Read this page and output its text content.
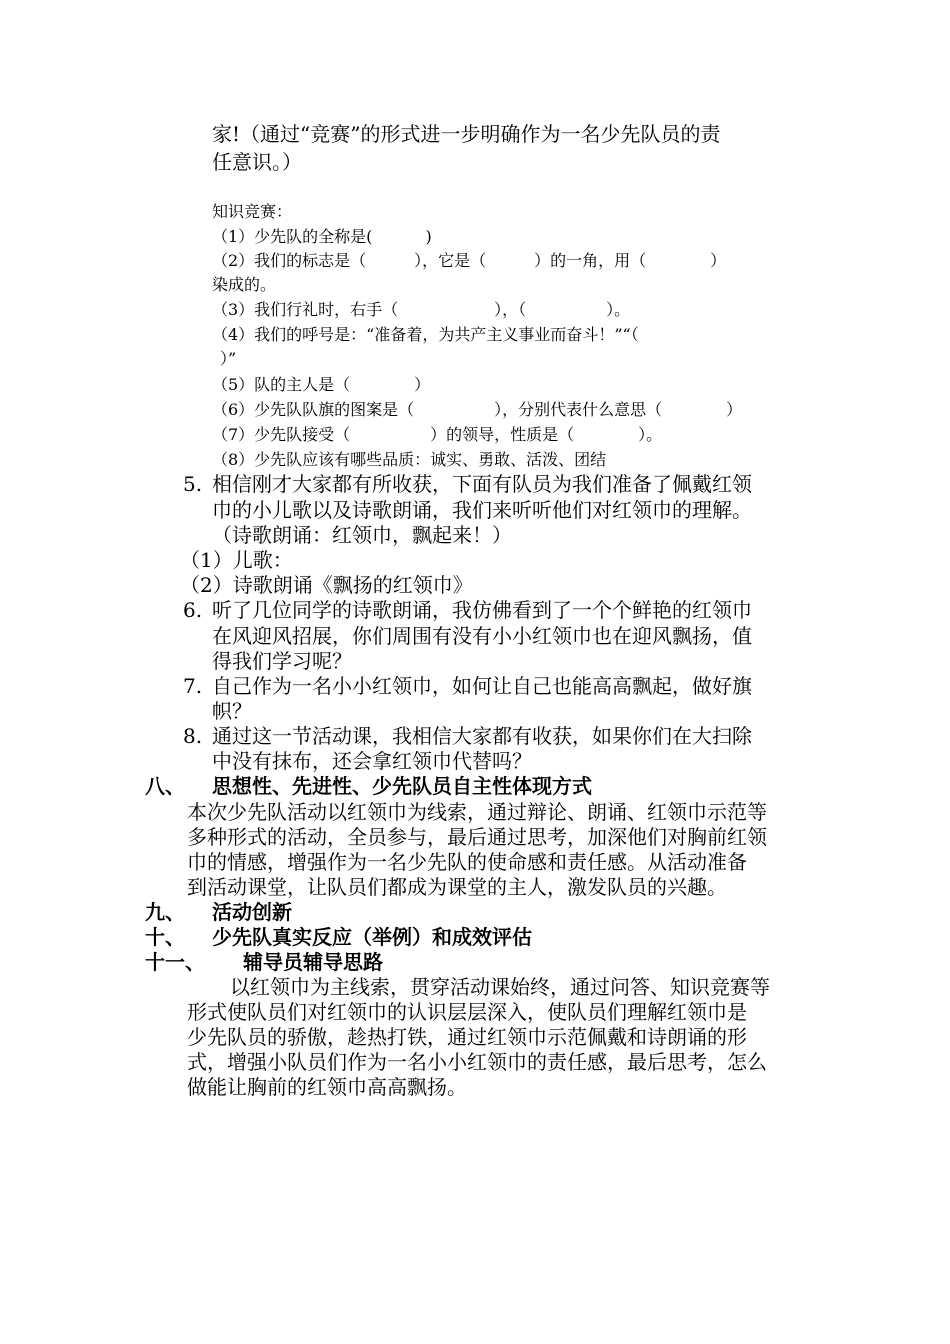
家!（通过“竞赛”的形式进一步明确作为一名少先队员的责
任意识。）
知识竞赛：
（1）少先队的全称是(　　　 )
（2）我们的标志是（　　　），它是（　　　）的一角，用（　　　　）
染成的。
（3）我们行礼时，右手（　　　　　　），（　　　　　）。
（4）我们的呼号是：“准备着，为共产主义事业而奋斗！”“（
）”
（5）队的主人是（　　　　）
（6）少先队队旗的图案是（　　　　　），分别代表什么意思（　　　　）
（7）少先队接受（　　　　　）的领导，性质是（　　　　）。
（8）少先队应该有哪些品质：诚实、勇敢、活泼、团结
5. 相信刚才大家都有所收获，下面有队员为我们准备了佩戴红领
巾的小儿歌以及诗歌朗诵，我们来听听他们对红领巾的理解。
（诗歌朗诵：红领巾，飘起来！）
（1）儿歌：
（2）诗歌朗诵《飘扬的红领巾》
6. 听了几位同学的诗歌朗诵，我仿佛看到了一个个鲜艳的红领巾
在风迎风招展，你们周围有没有小小红领巾也在迎风飘扬，值
得我们学习呢？
7. 自己作为一名小小红领巾，如何让自己也能高高飘起，做好旗
帜？
8. 通过这一节活动课，我相信大家都有收获，如果你们在大扫除
中没有抹布，还会拿红领巾代替吗？
八、 思想性、先进性、少先队员自主性体现方式
本次少先队活动以红领巾为线索，通过辩论、朗诵、红领巾示范等
多种形式的活动，全员参与，最后通过思考，加深他们对胸前红领
巾的情感，增强作为一名少先队的使命感和责任感。从活动准备
到活动课堂，让队员们都成为课堂的主人，激发队员的兴趣。
九、 活动创新
十、 少先队真实反应（举例）和成效评估
十一、 辅导员辅导思路
以红领巾为主线索，贯穿活动课始终，通过问答、知识竞赛等
形式使队员们对红领巾的认识层层深入，使队员们理解红领巾是
少先队员的骄傲，趁热打铁，通过红领巾示范佩戴和诗朗诵的形
式，增强小队员们作为一名小小红领巾的责任感，最后思考，怎么
做能让胸前的红领巾高高飘扬。
